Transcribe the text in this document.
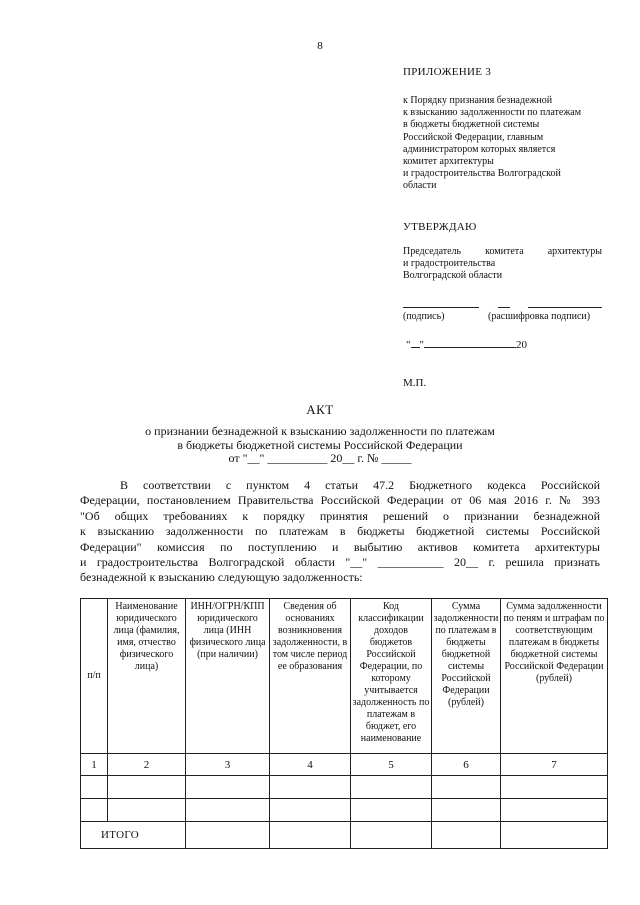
8
ПРИЛОЖЕНИЕ 3
к Порядку признания безнадежной
к взысканию задолженности по платежам
в бюджеты бюджетной системы
Российской Федерации, главным
администратором которых является
комитет архитектуры
и градостроительства Волгоградской
области
УТВЕРЖДАЮ
Председатель комитета архитектуры
и градостроительства
Волгоградской области
(подпись)	(расшифровка подписи)
" "	20
М.П.
АКТ
о признании безнадежной к взысканию задолженности по платежам
в бюджеты бюджетной системы Российской Федерации
от "__" __________ 20__ г. № _____

В соответствии с пунктом 4 статьи 47.2 Бюджетного кодекса Российской

Федерации, постановлением Правительства Российской Федерации от 06 мая 2016 г. № 393

"Об общих требованиях к порядку принятия решений о признании безнадежной

к взысканию задолженности по платежам в бюджеты бюджетной системы Российской

Федерации" комиссия по поступлению и выбытию активов комитета архитектуры

и градостроительства Волгоградской области "__" ___________ 20__ г. решила признать

безнадежной к взысканию следующую задолженность:

п/п	Наименование юридического лица (фамилия, имя, отчество физического лица)	ИНН/ОГРН/КПП юридического лица (ИНН физического лица (при наличии)	Сведения об основаниях возникновения задолженности, в том числе период ее образования	Код классификации доходов бюджетов Российской Федерации, по которому учитывается задолженность по платежам в бюджет, его наименование	Сумма задолженности по платежам в бюджеты бюджетной системы Российской Федерации (рублей)	Сумма задолженности по пеням и штрафам по соответствующим платежам в бюджеты бюджетной системы Российской Федерации (рублей)
1	2	3	4	5	6	7

ИТОГО						
